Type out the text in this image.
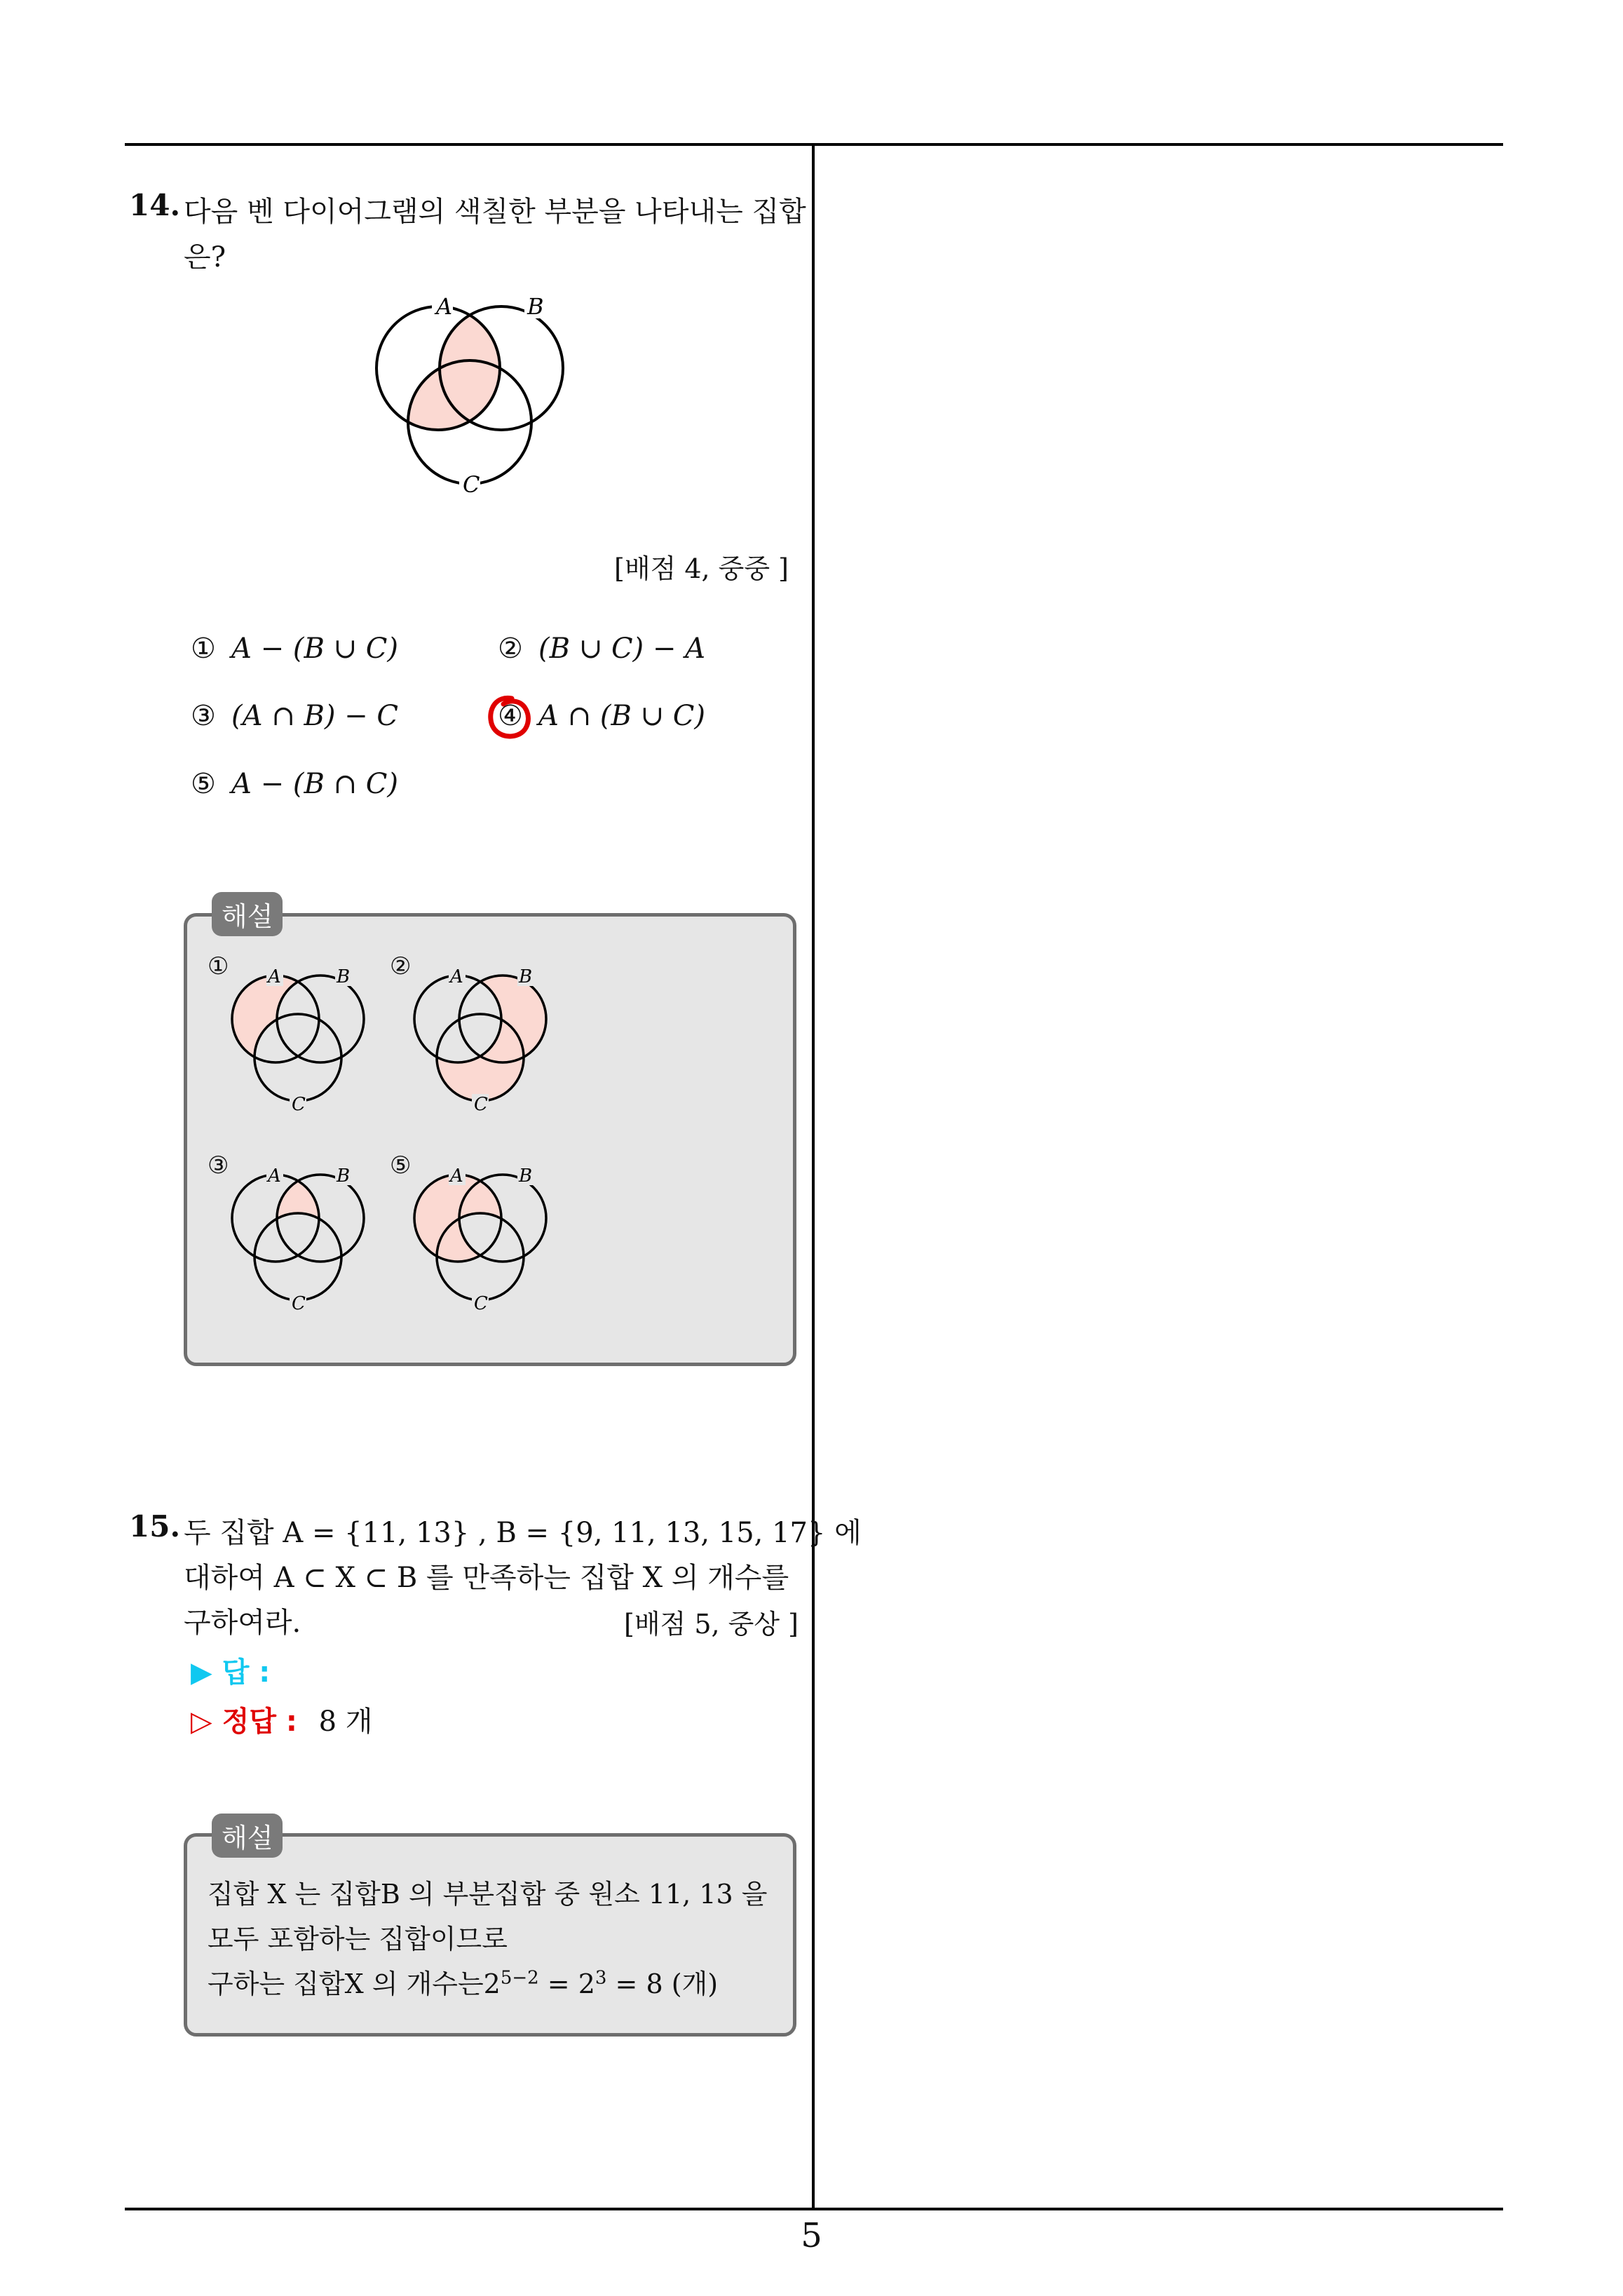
5
14. 다음 벤 다이어그램의 색칠한 부분을 나타내는 집합
은?
A	B
C
[배점 4, 중중 ]
① A − (B ∪ C)	② (B ∪ C) − A
③ (A ∩ B) − C	④ A ∩ (B ∪ C)
⑤ A − (B ∩ C)
해설
① A	B
C
② A	B
C
③ A	B
C
⑤ A	B
C
15. 두 집합 A = {11, 13} , B = {9, 11, 13, 15, 17} 에
대하여 A ⊂ X ⊂ B 를 만족하는 집합 X 의 개수를
구하여라.	[배점 5, 중상 ]
▶ 답 :
▷ 정답 : 8 개
해설
집합 X 는 집합B 의 부분집합 중 원소 11, 13 을
모두 포함하는 집합이므로
구하는 집합X 의 개수는$2^{5-2} = 2^3 = 8$ (개)
